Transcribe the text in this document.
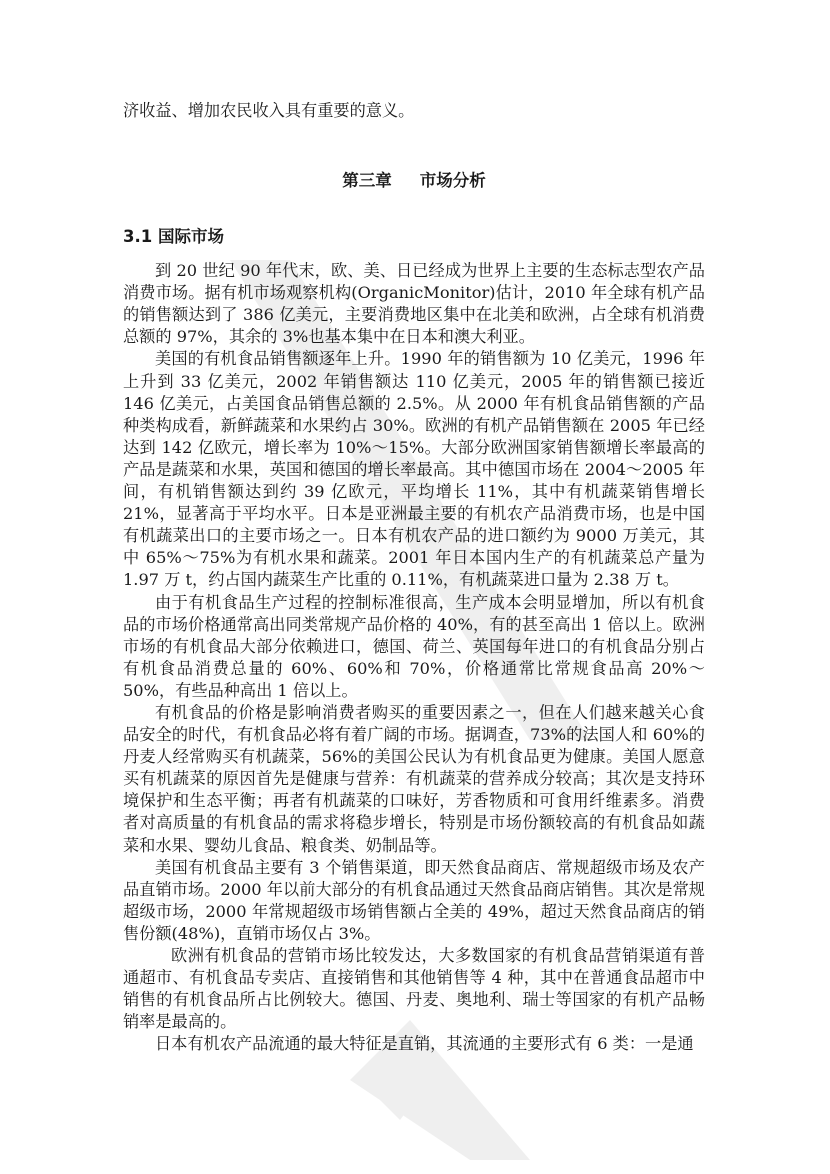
济收益、增加农民收入具有重要的意义。

第三章 市场分析
3.1 国际市场

到 20 世纪 90 年代末，欧、美、日已经成为世界上主要的生态标志型农产品消费市场。据有机市场观察机构(OrganicMonitor)估计，2010 年全球有机产品的销售额达到了 386 亿美元，主要消费地区集中在北美和欧洲，占全球有机消费总额的 97%，其余的 3%也基本集中在日本和澳大利亚。

美国的有机食品销售额逐年上升。1990 年的销售额为 10 亿美元，1996 年上升到 33 亿美元，2002 年销售额达 110 亿美元，2005 年的销售额已接近 146 亿美元，占美国食品销售总额的 2.5%。从 2000 年有机食品销售额的产品种类构成看，新鲜蔬菜和水果约占 30%。欧洲的有机产品销售额在 2005 年已经达到 142 亿欧元，增长率为 10%～15%。大部分欧洲国家销售额增长率最高的产品是蔬菜和水果，英国和德国的增长率最高。其中德国市场在 2004～2005 年间，有机销售额达到约 39 亿欧元，平均增长 11%，其中有机蔬菜销售增长 21%，显著高于平均水平。日本是亚洲最主要的有机农产品消费市场，也是中国有机蔬菜出口的主要市场之一。日本有机农产品的进口额约为 9000 万美元，其中 65%～75%为有机水果和蔬菜。2001 年日本国内生产的有机蔬菜总产量为 1.97 万 t，约占国内蔬菜生产比重的 0.11%，有机蔬菜进口量为 2.38 万 t。

由于有机食品生产过程的控制标准很高，生产成本会明显增加，所以有机食品的市场价格通常高出同类常规产品价格的 40%，有的甚至高出 1 倍以上。欧洲市场的有机食品大部分依赖进口，德国、荷兰、英国每年进口的有机食品分别占有机食品消费总量的 60%、60%和 70%，价格通常比常规食品高 20%～50%，有些品种高出 1 倍以上。

有机食品的价格是影响消费者购买的重要因素之一，但在人们越来越关心食品安全的时代，有机食品必将有着广阔的市场。据调查，73%的法国人和 60%的丹麦人经常购买有机蔬菜，56%的美国公民认为有机食品更为健康。美国人愿意买有机蔬菜的原因首先是健康与营养：有机蔬菜的营养成分较高；其次是支持环境保护和生态平衡；再者有机蔬菜的口味好，芳香物质和可食用纤维素多。消费者对高质量的有机食品的需求将稳步增长，特别是市场份额较高的有机食品如蔬菜和水果、婴幼儿食品、粮食类、奶制品等。

美国有机食品主要有 3 个销售渠道，即天然食品商店、常规超级市场及农产品直销市场。2000 年以前大部分的有机食品通过天然食品商店销售。其次是常规超级市场，2000 年常规超级市场销售额占全美的 49%，超过天然食品商店的销售份额(48%)，直销市场仅占 3%。

欧洲有机食品的营销市场比较发达，大多数国家的有机食品营销渠道有普通超市、有机食品专卖店、直接销售和其他销售等 4 种，其中在普通食品超市中销售的有机食品所占比例较大。德国、丹麦、奥地利、瑞士等国家的有机产品畅销率是最高的。

日本有机农产品流通的最大特征是直销，其流通的主要形式有 6 类：一是通
